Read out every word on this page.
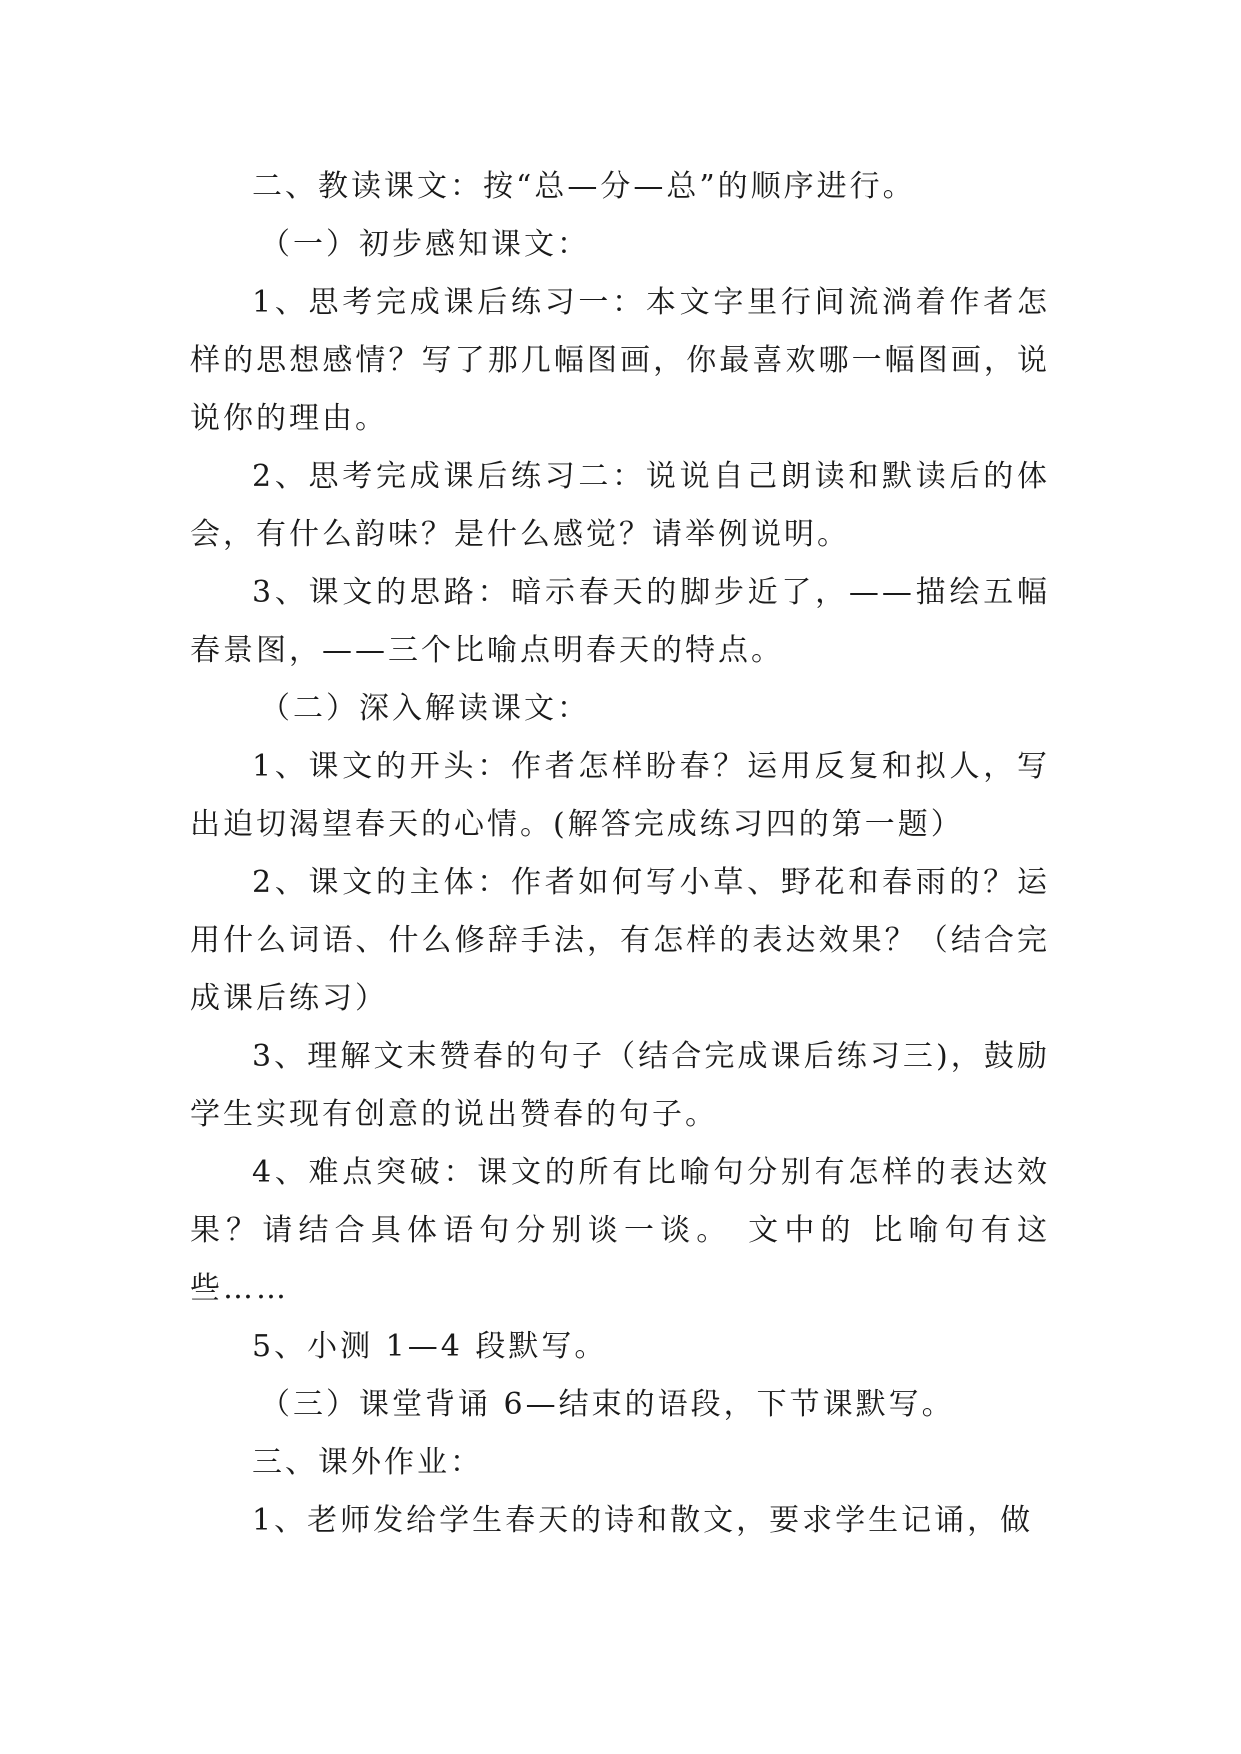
二、教读课文：按“总—分—总”的顺序进行。

（一）初步感知课文：

1、思考完成课后练习一：本文字里行间流淌着作者怎样的思想感情？写了那几幅图画，你最喜欢哪一幅图画，说说你的理由。

2、思考完成课后练习二：说说自己朗读和默读后的体会，有什么韵味？是什么感觉？请举例说明。

3、课文的思路：暗示春天的脚步近了，——描绘五幅春景图，——三个比喻点明春天的特点。

（二）深入解读课文：

1、课文的开头：作者怎样盼春？运用反复和拟人，写出迫切渴望春天的心情。(解答完成练习四的第一题）

2、课文的主体：作者如何写小草、野花和春雨的？运用什么词语、什么修辞手法，有怎样的表达效果？（结合完成课后练习）

3、理解文末赞春的句子（结合完成课后练习三)，鼓励学生实现有创意的说出赞春的句子。

4、难点突破：课文的所有比喻句分别有怎样的表达效果？请结合具体语句分别谈一谈。 文中的 比喻句有这些……

5、小测 1—4 段默写。

（三）课堂背诵 6—结束的语段，下节课默写。

三、课外作业：

1、老师发给学生春天的诗和散文，要求学生记诵，做
